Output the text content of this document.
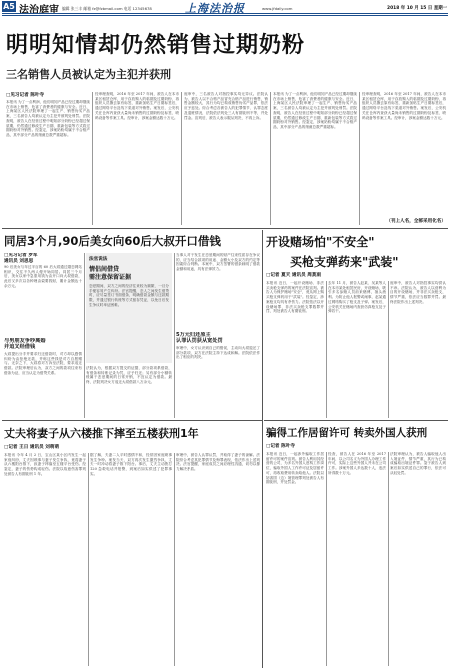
A5 法治庭审 编辑 张三丰 邮箱 fz@fzbmail.com 电话 12345678	上海法治报	www.jfdaily.com	2018 年 10 月 15 日 星期一
明明知情却仍然销售过期奶粉
三名销售人员被认定为主犯并获刑
□见习记者 陈叶寺
本报讯 为了一点利润，他们明知产品已经过期却继续在市场上销售，危害了消费者的健康与安全。近日，上海某区人民法院审理了一起生产、销售伪劣产品案，三名被告人均被认定为主犯并被判处刑罚。法院查明，被告人在经营过程中明知部分奶粉已经超过保质期，仍然通过修改生产日期、重新包装等方式将过期奶粉对外销售。经鉴定，涉案奶粉均属于不合格产品，其中部分产品的细菌总数严重超标。
经审理查明，2016 年至 2017 年间，被告人在本市某区租赁仓库，用于存放购入的临期及过期奶粉，再组织人员撕去原有标签，重新加贴生产日期标签后，通过网络平台及线下渠道对外销售。案发后，公安机关在仓库内查获大量尚未销售的过期奶粉及标签、喷码设备等作案工具。经审计，涉案金额达数十万元。
庭审中，三名被告人对指控事实均无异议。法院认为，被告人以不合格产品冒充合格产品进行销售，销售金额较大，其行为均已构成销售伪劣产品罪，依法应予惩处。综合考虑各被告人的犯罪情节、认罪态度及退赃情况，法院依法判处三人有期徒刑不等，并处罚金。宣判后，被告人表示服从判决，不再上诉。
本报讯 为了一点利润，他们明知产品已经过期却继续在市场上销售，危害了消费者的健康与安全。近日，上海某区人民法院审理了一起生产、销售伪劣产品案，三名被告人均被认定为主犯并被判处刑罚。法院查明，被告人在经营过程中明知部分奶粉已经超过保质期，仍然通过修改生产日期、重新包装等方式将过期奶粉对外销售。经鉴定，涉案奶粉均属于不合格产品，其中部分产品的细菌总数严重超标。
经审理查明，2016 年至 2017 年间，被告人在本市某区租赁仓库，用于存放购入的临期及过期奶粉，再组织人员撕去原有标签，重新加贴生产日期标签后，通过网络平台及线下渠道对外销售。案发后，公安机关在仓库内查获大量尚未销售的过期奶粉及标签、喷码设备等作案工具。经审计，涉案金额达数十万元。
（刊上人名，全部采用化名）
同居3个月,90后美女向60后大叔开口借钱
□见习记者 罗军
通讯员 刘思思
90 后美女与年过半百的 60 后大叔通过婚恋网站相识，交往不久两人便开始同居。同居三个月后，美女以家中急需用钱为由开口向大叔借款，此后又多次以各种理由索要钱财，累计金额达十余万元。
与男朋友争吵离婚
并追叉经借钱
大叔提出分手并要求归还借款时，对方却以感情纠纷为由拒绝还款，并称这些钱是对方自愿赠与。无奈之下，大叔将对方诉至法院，要求返还借款。法院审理后认为，双方之间的款项往来有借条为证，应当认定为借贷关系。
法官说法
情侣间借贷
需注意保留证据
恋爱期间，双方之间的经济往来较为频繁，一旦分手便容易产生纠纷。法官提醒，恋人之间发生借贷时，应尽量签订书面借条，明确借款金额与还款期限，并通过银行转账等方式留存凭证，以免日后发生争议时举证困难。
法院认为，根据双方提交的证据，部分款项系借款，有借条和转账记录为凭，应予归还；另有部分小额转账属于恋爱期间的日常开销，不宜认定为借款。最终，法院判决女方返还大叔借款八万余元。
当事人对于发生在恋爱期间的财产往来性质存在争议的，应当结合款项的用途、金额大小及双方的约定等因素综合判断。本案中，双方签署的借条载明了借款金额和用途，具有法律效力。
5万元归还原主
认罪认罚获从宽处罚
审理中，女方认识到自己的错误，主动向大叔退还了部分款项，双方在法院主持下达成和解。法院依法作出了相应的判决。
开设赌场怕"不安全"
买枪支弹药来"武装"
□记者 夏天 通讯员 周莫雨
本报讯 近日，一起开设赌场、非法买卖枪支弹药的案件在法院宣判。被告人为保护赌场"安全"，竟从网上购买枪支弹药用于"武装"。经鉴定，涉案枪支均具有杀伤力。法院依法以开设赌场罪、非法买卖枪支罪数罪并罚，判处被告人有期徒刑。
去年 11 月，被告人赵某、吴某等人在本市某处租赁民房，开设赌场，吸引多名参赌人员前来赌博，抽头渔利。为防止他人报警或闹事，赵某通过网络购买了枪支及子弹。案发后，公安机关在赌场内查获仿真枪支及子弹若干。
庭审中，被告人对指控事实均供认不讳。法院认为，被告人以营利为目的开设赌场，并非法买卖枪支，情节严重，依法应当数罪并罚。最终法院作出上述判决。
骗得工作居留许可 转卖外国人获刑
□记者 陈叶寺
本报讯 近日，一起涉外骗取工作居留许可的案件宣判。被告人利用其经营的公司，为多名外国人虚构工作岗位，骗取外国人工作许可证及居留许可，再收取费用转卖给他人。法院以妨害国（边）境管理罪判处被告人有期徒刑，并处罚金。
经查，被告人在 2016 年至 2017 年间，以公司名义为外国人办理工作许可，实际上这些外国人并未在公司工作。涉案外国人多达数十人，违法所得数十万元。
法院审理认为，被告人骗取他人出入境证件，情节严重，其行为已构成骗取出境证件罪。鉴于被告人到案后如实供述自己的罪行，依法可从轻处罚。
丈夫将妻子从六楼推下摔至五楼获刑1年
□记者 王日 通讯员 刘萌萌
本报讯 今年 4 月 2 日，宝山区某小区内发生一起家庭纠纷，丈夫因琐事与妻子发生争执，竟将妻子从六楼阳台推下，致妻子摔落至五楼平台受伤。经鉴定，妻子的伤势构成轻伤。法院以故意伤害罪判处被告人有期徒刑 1 年。
据了解，夫妻二人平时感情不和，经常因家庭琐事发生争吵。案发当天，双方再次发生激烈争执，丈夫一时冲动将妻子推下阳台。事后，丈夫主动拨打 120 急救电话并报警，到案后如实供述了犯罪事实。
审理中，被告人认罪认罚，并取得了妻子的谅解。法院综合考虑其犯罪情节及悔罪表现，依法作出上述判决。法官提醒，家庭成员之间应理性沟通，切勿以暴力解决矛盾。
